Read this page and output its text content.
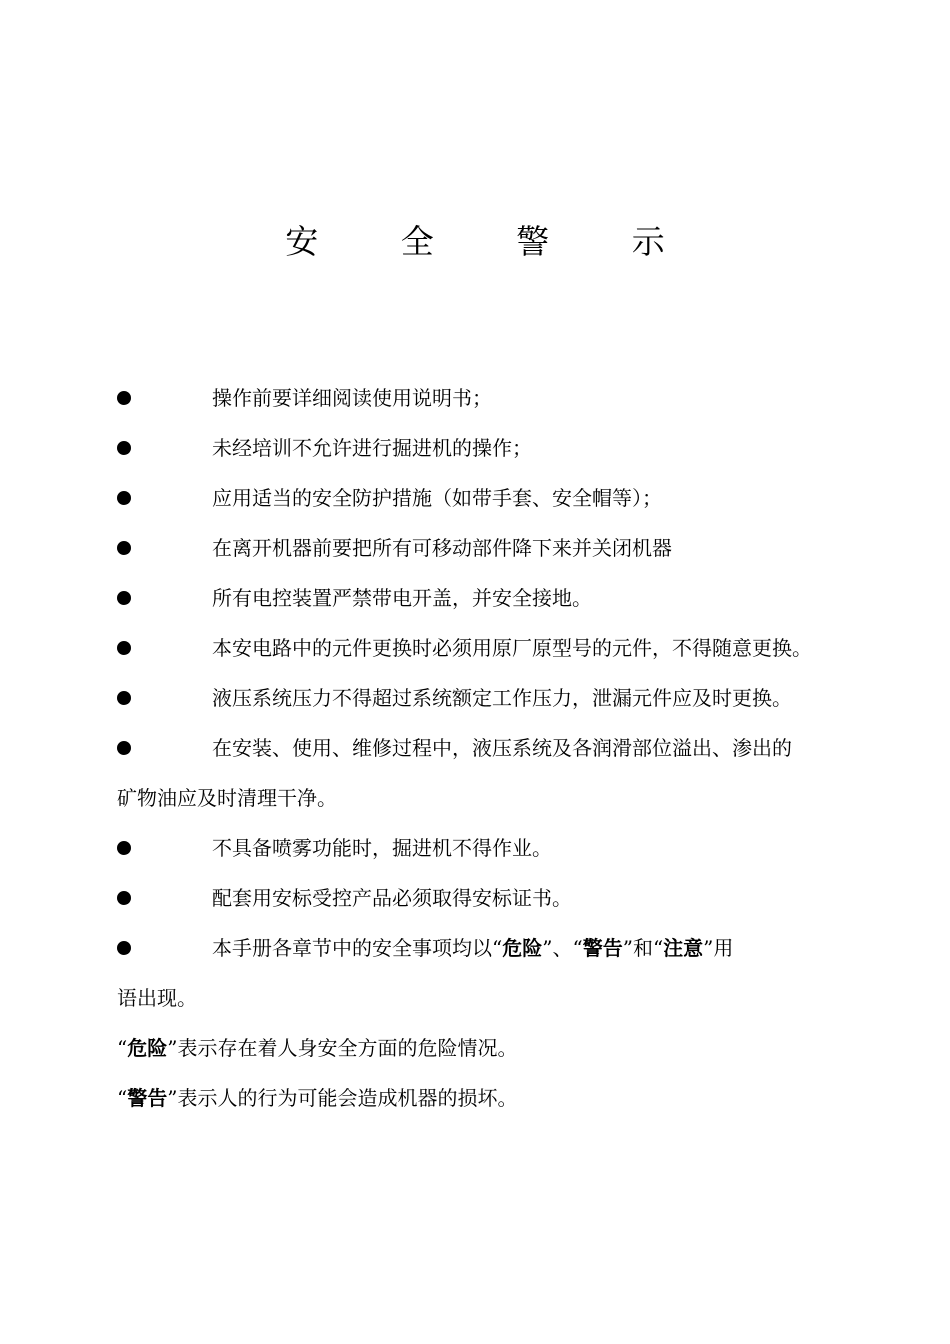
安 全 警 示
操作前要详细阅读使用说明书；
未经培训不允许进行掘进机的操作；
应用适当的安全防护措施（如带手套、安全帽等）；
在离开机器前要把所有可移动部件降下来并关闭机器
所有电控装置严禁带电开盖，并安全接地。
本安电路中的元件更换时必须用原厂原型号的元件，不得随意更换。
液压系统压力不得超过系统额定工作压力，泄漏元件应及时更换。
在安装、使用、维修过程中，液压系统及各润滑部位溢出、渗出的
矿物油应及时清理干净。
不具备喷雾功能时，掘进机不得作业。
配套用安标受控产品必须取得安标证书。
本手册各章节中的安全事项均以“危险”、“警告”和“注意”用
语出现。
“危险”表示存在着人身安全方面的危险情况。
“警告”表示人的行为可能会造成机器的损坏。
